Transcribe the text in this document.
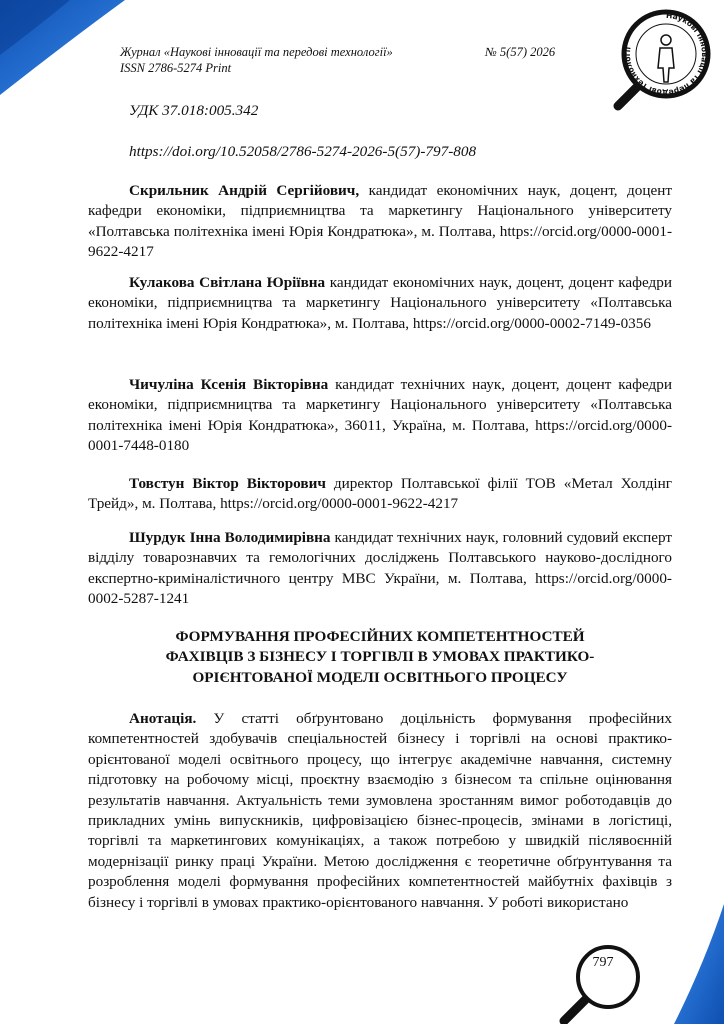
Журнал «Наукові інновації та передові технології»
ISSN 2786-5274 Print
№ 5(57) 2026
Наукові інновації та передові технології
УДК 37.018:005.342
https://doi.org/10.52058/2786-5274-2026-5(57)-797-808
Скрильник Андрій Сергійович, кандидат економічних наук, доцент, доцент кафедри економіки, підприємництва та маркетингу Національного університету «Полтавська політехніка імені Юрія Кондратюка», м. Полтава, https://orcid.org/0000-0001-9622-4217
Кулакова Світлана Юріївна кандидат економічних наук, доцент, доцент кафедри економіки, підприємництва та маркетингу Національного університету «Полтавська політехніка імені Юрія Кондратюка», м. Полтава, https://orcid.org/0000-0002-7149-0356
Чичуліна Ксенія Вікторівна кандидат технічних наук, доцент, доцент кафедри економіки, підприємництва та маркетингу Національного університету «Полтавська політехніка імені Юрія Кондратюка», 36011, Україна, м. Полтава, https://orcid.org/0000-0001-7448-0180
Товстун Віктор Вікторович директор Полтавської філії ТОВ «Метал Холдінг Трейд», м. Полтава, https://orcid.org/0000-0001-9622-4217
Шурдук Інна Володимирівна кандидат технічних наук, головний судовий експерт відділу товарознавчих та гемологічних досліджень Полтавського науково-дослідного експертно-криміналістичного центру МВС України, м. Полтава, https://orcid.org/0000-0002-5287-1241
ФОРМУВАННЯ ПРОФЕСІЙНИХ КОМПЕТЕНТНОСТЕЙ
ФАХІВЦІВ З БІЗНЕСУ І ТОРГІВЛІ В УМОВАХ ПРАКТИКО-
ОРІЄНТОВАНОЇ МОДЕЛІ ОСВІТНЬОГО ПРОЦЕСУ
Анотація. У статті обґрунтовано доцільність формування професійних компетентностей здобувачів спеціальностей бізнесу і торгівлі на основі практико-орієнтованої моделі освітнього процесу, що інтегрує академічне навчання, системну підготовку на робочому місці, проєктну взаємодію з бізнесом та спільне оцінювання результатів навчання. Актуальність теми зумовлена зростанням вимог роботодавців до прикладних умінь випускників, цифровізацією бізнес-процесів, змінами в логістиці, торгівлі та маркетингових комунікаціях, а також потребою у швидкій післявоєнній модернізації ринку праці України. Метою дослідження є теоретичне обґрунтування та розроблення моделі формування професійних компетентностей майбутніх фахівців з бізнесу і торгівлі в умовах практико-орієнтованого навчання. У роботі використано
797
